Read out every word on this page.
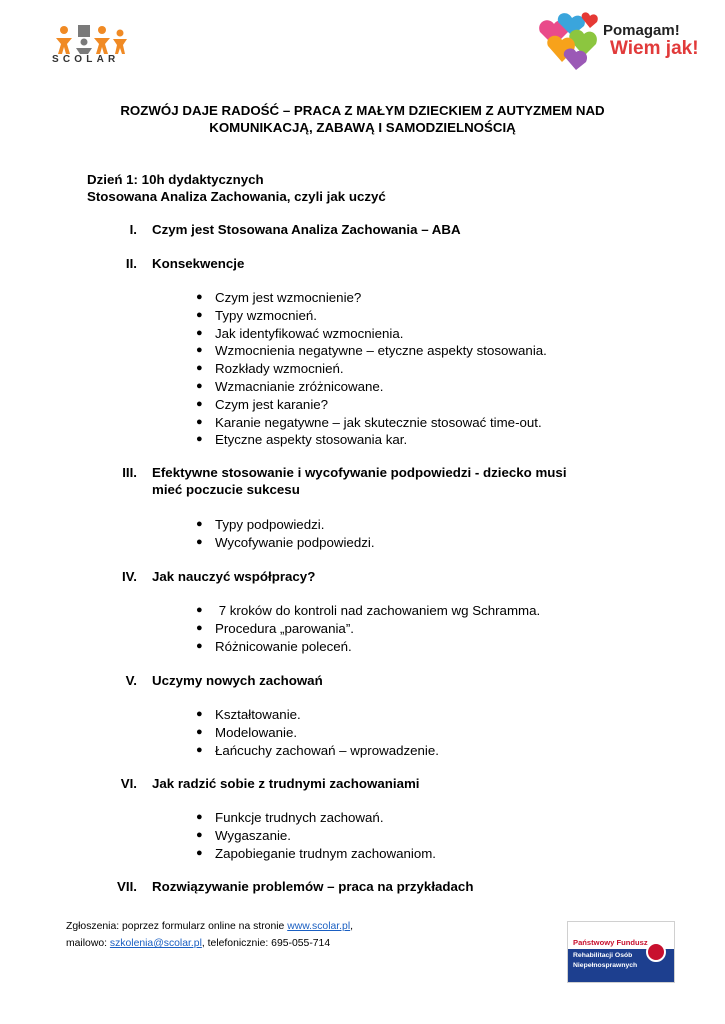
SCOLAR
Pomagam!
Wiem jak!
ROZWÓJ DAJE RADOŚĆ – PRACA Z MAŁYM DZIECKIEM Z AUTYZMEM NAD
KOMUNIKACJĄ, ZABAWĄ I SAMODZIELNOŚCIĄ
Dzień 1: 10h dydaktycznych
Stosowana Analiza Zachowania, czyli jak uczyć
I. Czym jest Stosowana Analiza Zachowania – ABA
II. Konsekwencje
● Czym jest wzmocnienie?
● Typy wzmocnień.
● Jak identyfikować wzmocnienia.
● Wzmocnienia negatywne – etyczne aspekty stosowania.
● Rozkłady wzmocnień.
● Wzmacnianie zróżnicowane.
● Czym jest karanie?
● Karanie negatywne – jak skutecznie stosować time-out.
● Etyczne aspekty stosowania kar.
III. Efektywne stosowanie i wycofywanie podpowiedzi - dziecko musi
mieć poczucie sukcesu
● Typy podpowiedzi.
● Wycofywanie podpowiedzi.
IV. Jak nauczyć współpracy?
● 7 kroków do kontroli nad zachowaniem wg Schramma.
● Procedura „parowania”.
● Różnicowanie poleceń.
V. Uczymy nowych zachowań
● Kształtowanie.
● Modelowanie.
● Łańcuchy zachowań – wprowadzenie.
VI. Jak radzić sobie z trudnymi zachowaniami
● Funkcje trudnych zachowań.
● Wygaszanie.
● Zapobieganie trudnym zachowaniom.
VII. Rozwiązywanie problemów – praca na przykładach
Zgłoszenia: poprzez formularz online na stronie www.scolar.pl,
mailowo: szkolenia@scolar.pl, telefonicznie: 695-055-714	Państwowy Fundusz
Rehabilitacji Osób
Niepełnosprawnych
